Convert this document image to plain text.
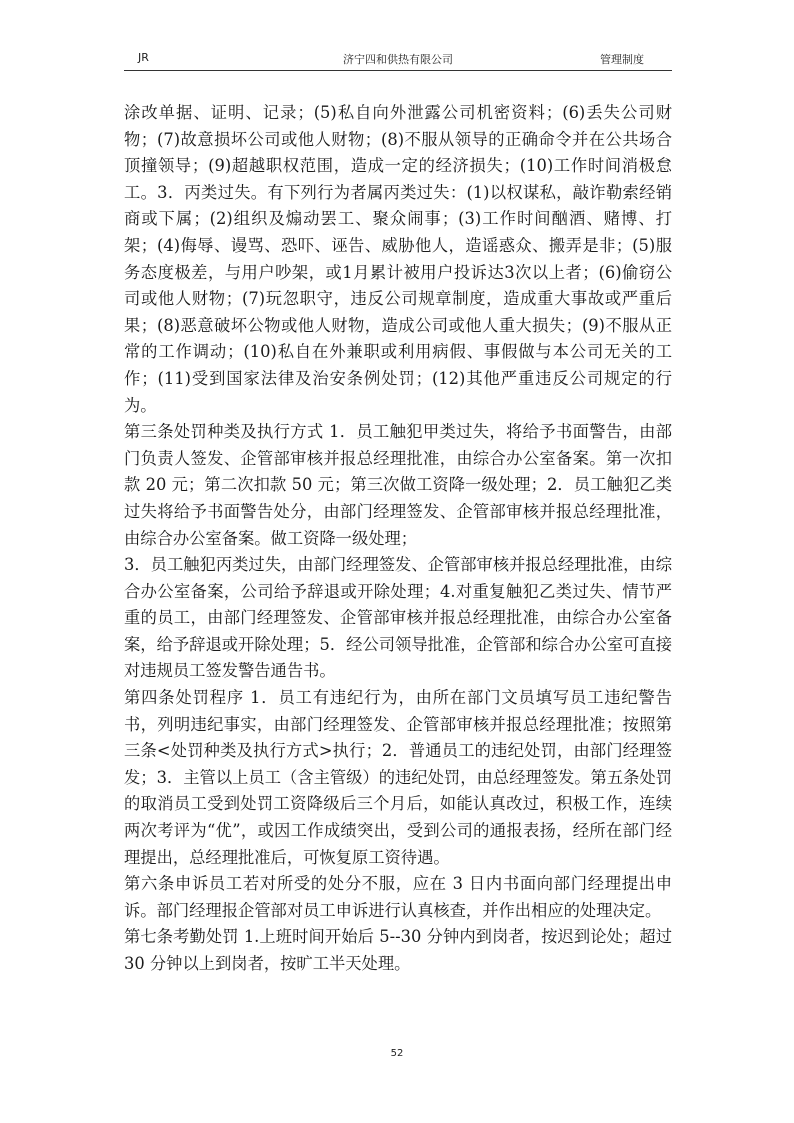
JR	济宁四和供热有限公司	管理制度

涂改单据、证明、记录；(5)私自向外泄露公司机密资料；(6)丢失公司财物；(7)故意损坏公司或他人财物；(8)不服从领导的正确命令并在公共场合顶撞领导；(9)超越职权范围，造成一定的经济损失；(10)工作时间消极怠工。3．丙类过失。有下列行为者属丙类过失：(1)以权谋私，敲诈勒索经销商或下属；(2)组织及煽动罢工、聚众闹事；(3)工作时间酗酒、赌博、打架；(4)侮辱、谩骂、恐吓、诬告、威胁他人，造谣惑众、搬弄是非；(5)服务态度极差，与用户吵架，或1月累计被用户投诉达3次以上者；(6)偷窃公司或他人财物；(7)玩忽职守，违反公司规章制度，造成重大事故或严重后果；(8)恶意破坏公物或他人财物，造成公司或他人重大损失；(9)不服从正常的工作调动；(10)私自在外兼职或利用病假、事假做与本公司无关的工作；(11)受到国家法律及治安条例处罚；(12)其他严重违反公司规定的行为。

第三条处罚种类及执行方式 1．员工触犯甲类过失，将给予书面警告，由部门负责人签发、企管部审核并报总经理批准，由综合办公室备案。第一次扣款 20 元；第二次扣款 50 元；第三次做工资降一级处理；2．员工触犯乙类过失将给予书面警告处分，由部门经理签发、企管部审核并报总经理批准，由综合办公室备案。做工资降一级处理；

3．员工触犯丙类过失，由部门经理签发、企管部审核并报总经理批准，由综合办公室备案，公司给予辞退或开除处理；4.对重复触犯乙类过失、情节严重的员工，由部门经理签发、企管部审核并报总经理批准，由综合办公室备案，给予辞退或开除处理；5．经公司领导批准，企管部和综合办公室可直接对违规员工签发警告通告书。

第四条处罚程序 1．员工有违纪行为，由所在部门文员填写员工违纪警告书，列明违纪事实，由部门经理签发、企管部审核并报总经理批准；按照第三条<处罚种类及执行方式>执行；2．普通员工的违纪处罚，由部门经理签发；3．主管以上员工（含主管级）的违纪处罚，由总经理签发。第五条处罚的取消员工受到处罚工资降级后三个月后，如能认真改过，积极工作，连续两次考评为“优”，或因工作成绩突出，受到公司的通报表扬，经所在部门经理提出，总经理批准后，可恢复原工资待遇。

第六条申诉员工若对所受的处分不服，应在 3 日内书面向部门经理提出申诉。部门经理报企管部对员工申诉进行认真核查，并作出相应的处理决定。

第七条考勤处罚 1.上班时间开始后 5--30 分钟内到岗者，按迟到论处；超过 30 分钟以上到岗者，按旷工半天处理。

52
